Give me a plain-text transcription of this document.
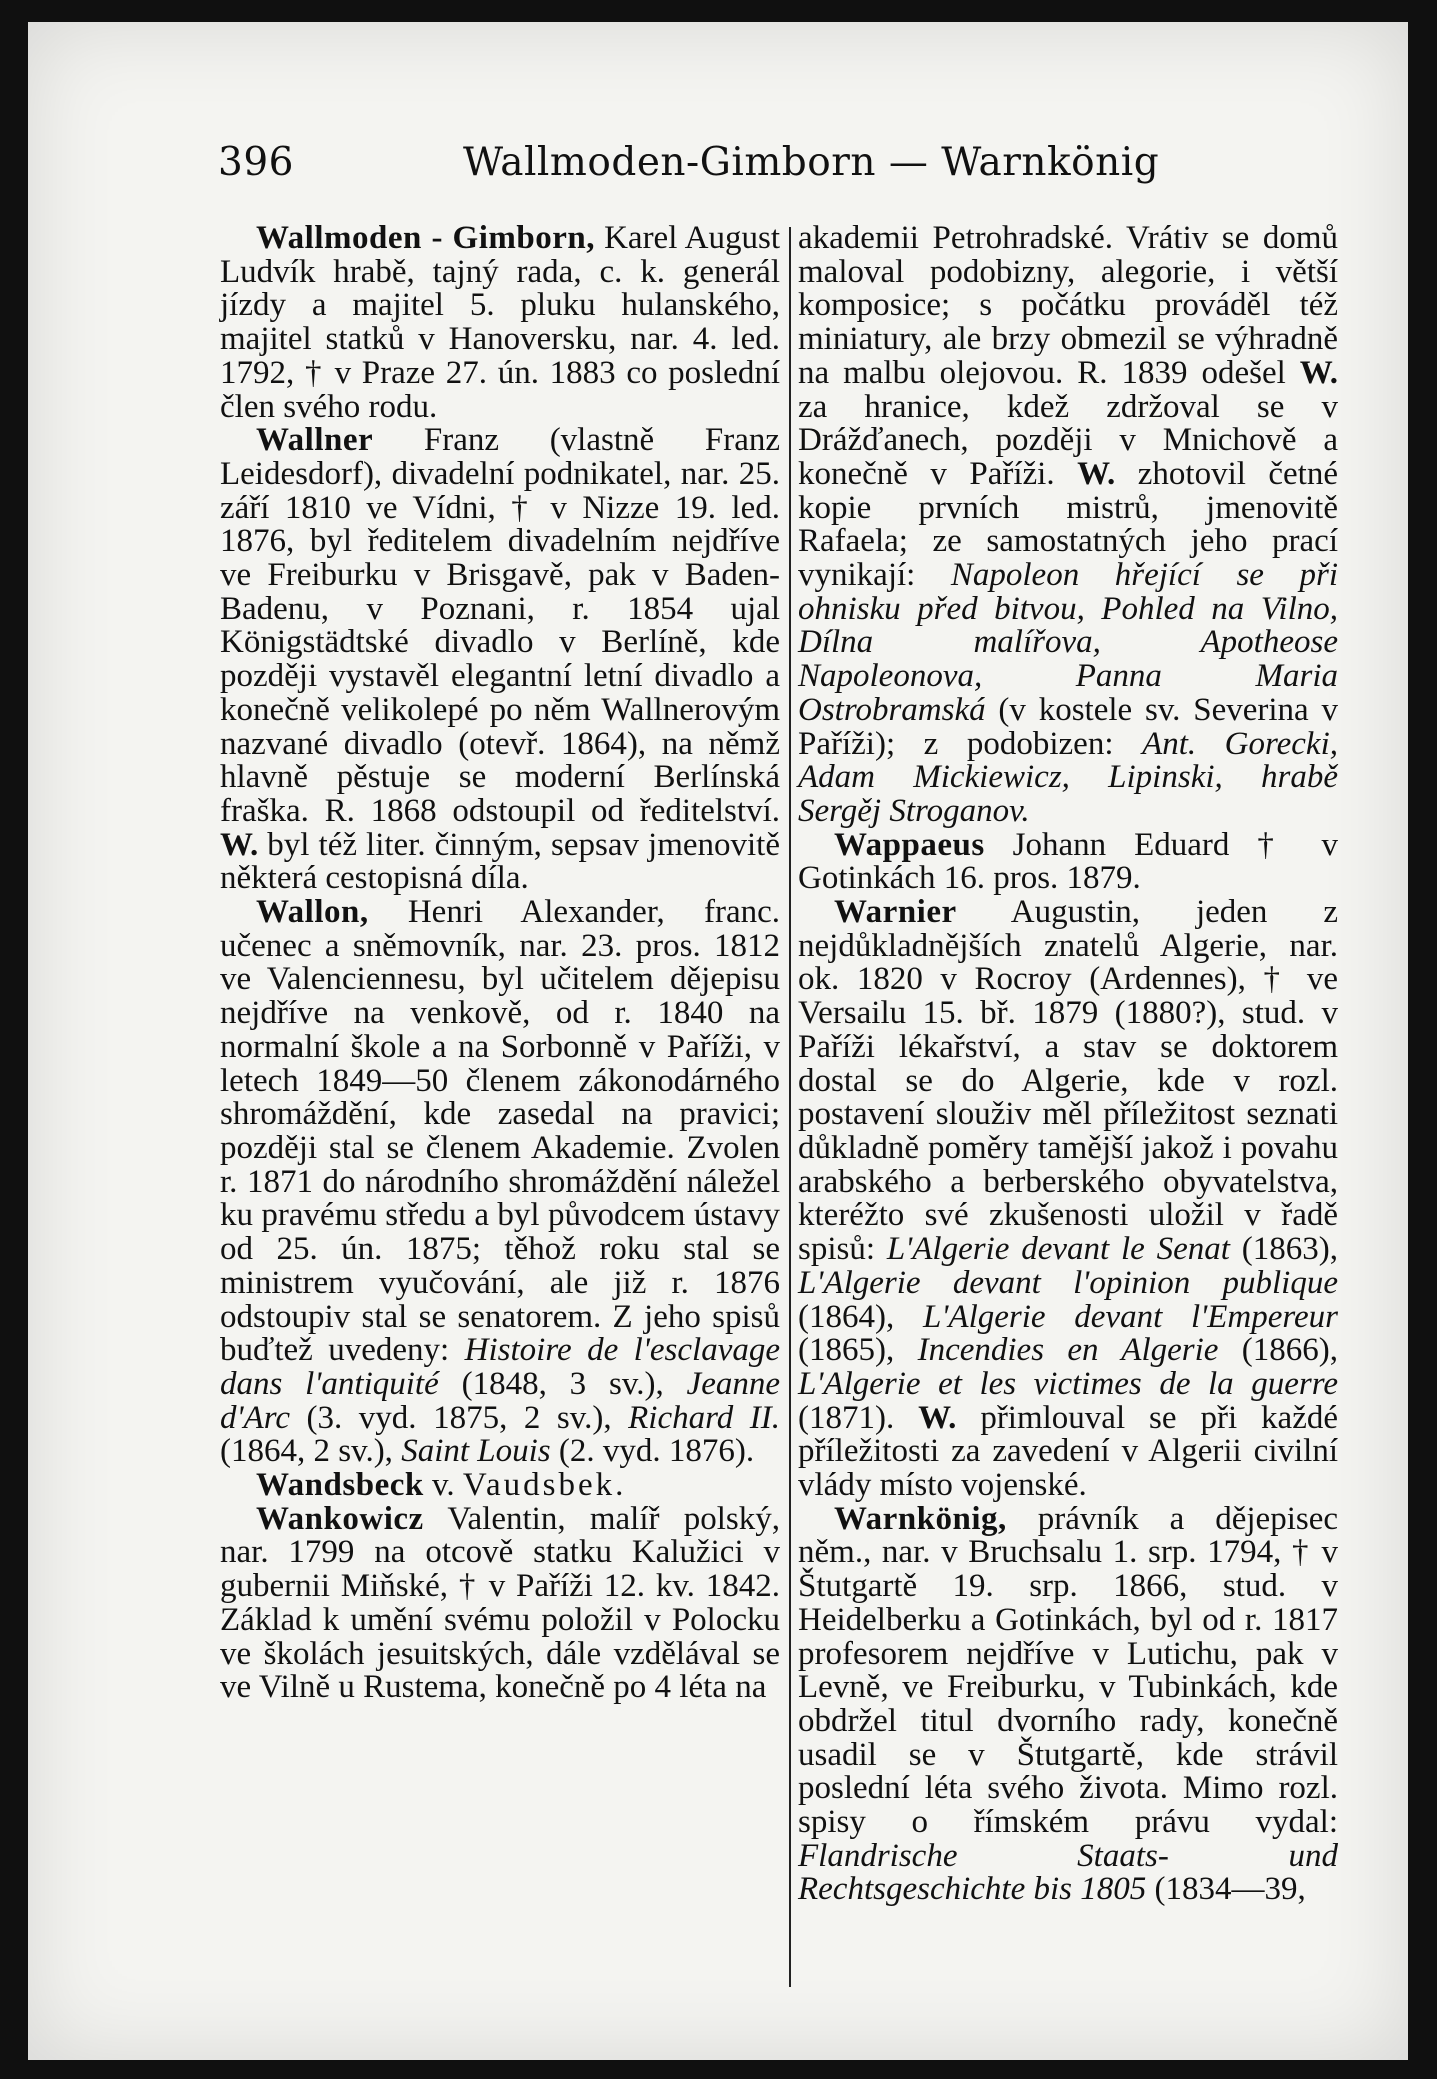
396	Wallmoden-Gimborn — Warnkönig

Wallmoden - Gimborn, Karel August Ludvík hrabě, tajný rada, c. k. generál jízdy a majitel 5. pluku hulanského, majitel statků v Hanoversku, nar. 4. led. 1792, † v Praze 27. ún. 1883 co poslední člen svého rodu.

Wallner Franz (vlastně Franz Leidesdorf), divadelní podnikatel, nar. 25. září 1810 ve Vídni, † v Nizze 19. led. 1876, byl ředitelem divadelním nejdříve ve Freiburku v Brisgavě, pak v Baden-Badenu, v Poznani, r. 1854 ujal Königstädtské divadlo v Berlíně, kde později vystavěl elegantní letní divadlo a konečně velikolepé po něm Wallnerovým nazvané divadlo (otevř. 1864), na němž hlavně pěstuje se moderní Berlínská fraška. R. 1868 odstoupil od ředitelství. W. byl též liter. činným, sepsav jmenovitě některá cestopisná díla.

Wallon, Henri Alexander, franc. učenec a sněmovník, nar. 23. pros. 1812 ve Valenciennesu, byl učitelem dějepisu nejdříve na venkově, od r. 1840 na normalní škole a na Sorbonně v Paříži, v letech 1849—50 členem zákonodárného shromáždění, kde zasedal na pravici; později stal se členem Akademie. Zvolen r. 1871 do národního shromáždění náležel ku pravému středu a byl původcem ústavy od 25. ún. 1875; těhož roku stal se ministrem vyučování, ale již r. 1876 odstoupiv stal se senatorem. Z jeho spisů buďtež uvedeny: Histoire de l'esclavage dans l'antiquité (1848, 3 sv.), Jeanne d'Arc (3. vyd. 1875, 2 sv.), Richard II. (1864, 2 sv.), Saint Louis (2. vyd. 1876).

Wandsbeck v. Vaudsbek.

Wankowicz Valentin, malíř polský, nar. 1799 na otcově statku Kalužici v gubernii Miňské, † v Paříži 12. kv. 1842. Základ k umění svému položil v Polocku ve školách jesuitských, dále vzdělával se ve Vilně u Rustema, konečně po 4 léta na

akademii Petrohradské. Vrátiv se domů maloval podobizny, alegorie, i větší komposice; s počátku prováděl též miniatury, ale brzy obmezil se výhradně na malbu olejovou. R. 1839 odešel W. za hranice, kdež zdržoval se v Drážďanech, později v Mnichově a konečně v Paříži. W. zhotovil četné kopie prvních mistrů, jmenovitě Rafaela; ze samostatných jeho prací vynikají: Napoleon hřející se při ohnisku před bitvou, Pohled na Vilno, Dílna malířova, Apotheose Napoleonova, Panna Maria Ostrobramská (v kostele sv. Severina v Paříži); z podobizen: Ant. Gorecki, Adam Mickiewicz, Lipinski, hrabě Sergěj Stroganov.

Wappaeus Johann Eduard † v Gotinkách 16. pros. 1879.

Warnier Augustin, jeden z nejdůkladnějších znatelů Algerie, nar. ok. 1820 v Rocroy (Ardennes), † ve Versailu 15. bř. 1879 (1880?), stud. v Paříži lékařství, a stav se doktorem dostal se do Algerie, kde v rozl. postavení slouživ měl příležitost seznati důkladně poměry tamější jakož i povahu arabského a berberského obyvatelstva, kteréžto své zkušenosti uložil v řadě spisů: L'Algerie devant le Senat (1863), L'Algerie devant l'opinion publique (1864), L'Algerie devant l'Empereur (1865), Incendies en Algerie (1866), L'Algerie et les victimes de la guerre (1871). W. přimlouval se při každé příležitosti za zavedení v Algerii civilní vlády místo vojenské.

Warnkönig, právník a dějepisec něm., nar. v Bruchsalu 1. srp. 1794, † v Štutgartě 19. srp. 1866, stud. v Heidelberku a Gotinkách, byl od r. 1817 profesorem nejdříve v Lutichu, pak v Levně, ve Freiburku, v Tubinkách, kde obdržel titul dvorního rady, konečně usadil se v Štutgartě, kde strávil poslední léta svého života. Mimo rozl. spisy o římském právu vydal: Flandrische Staats- und Rechtsgeschichte bis 1805 (1834—39,
